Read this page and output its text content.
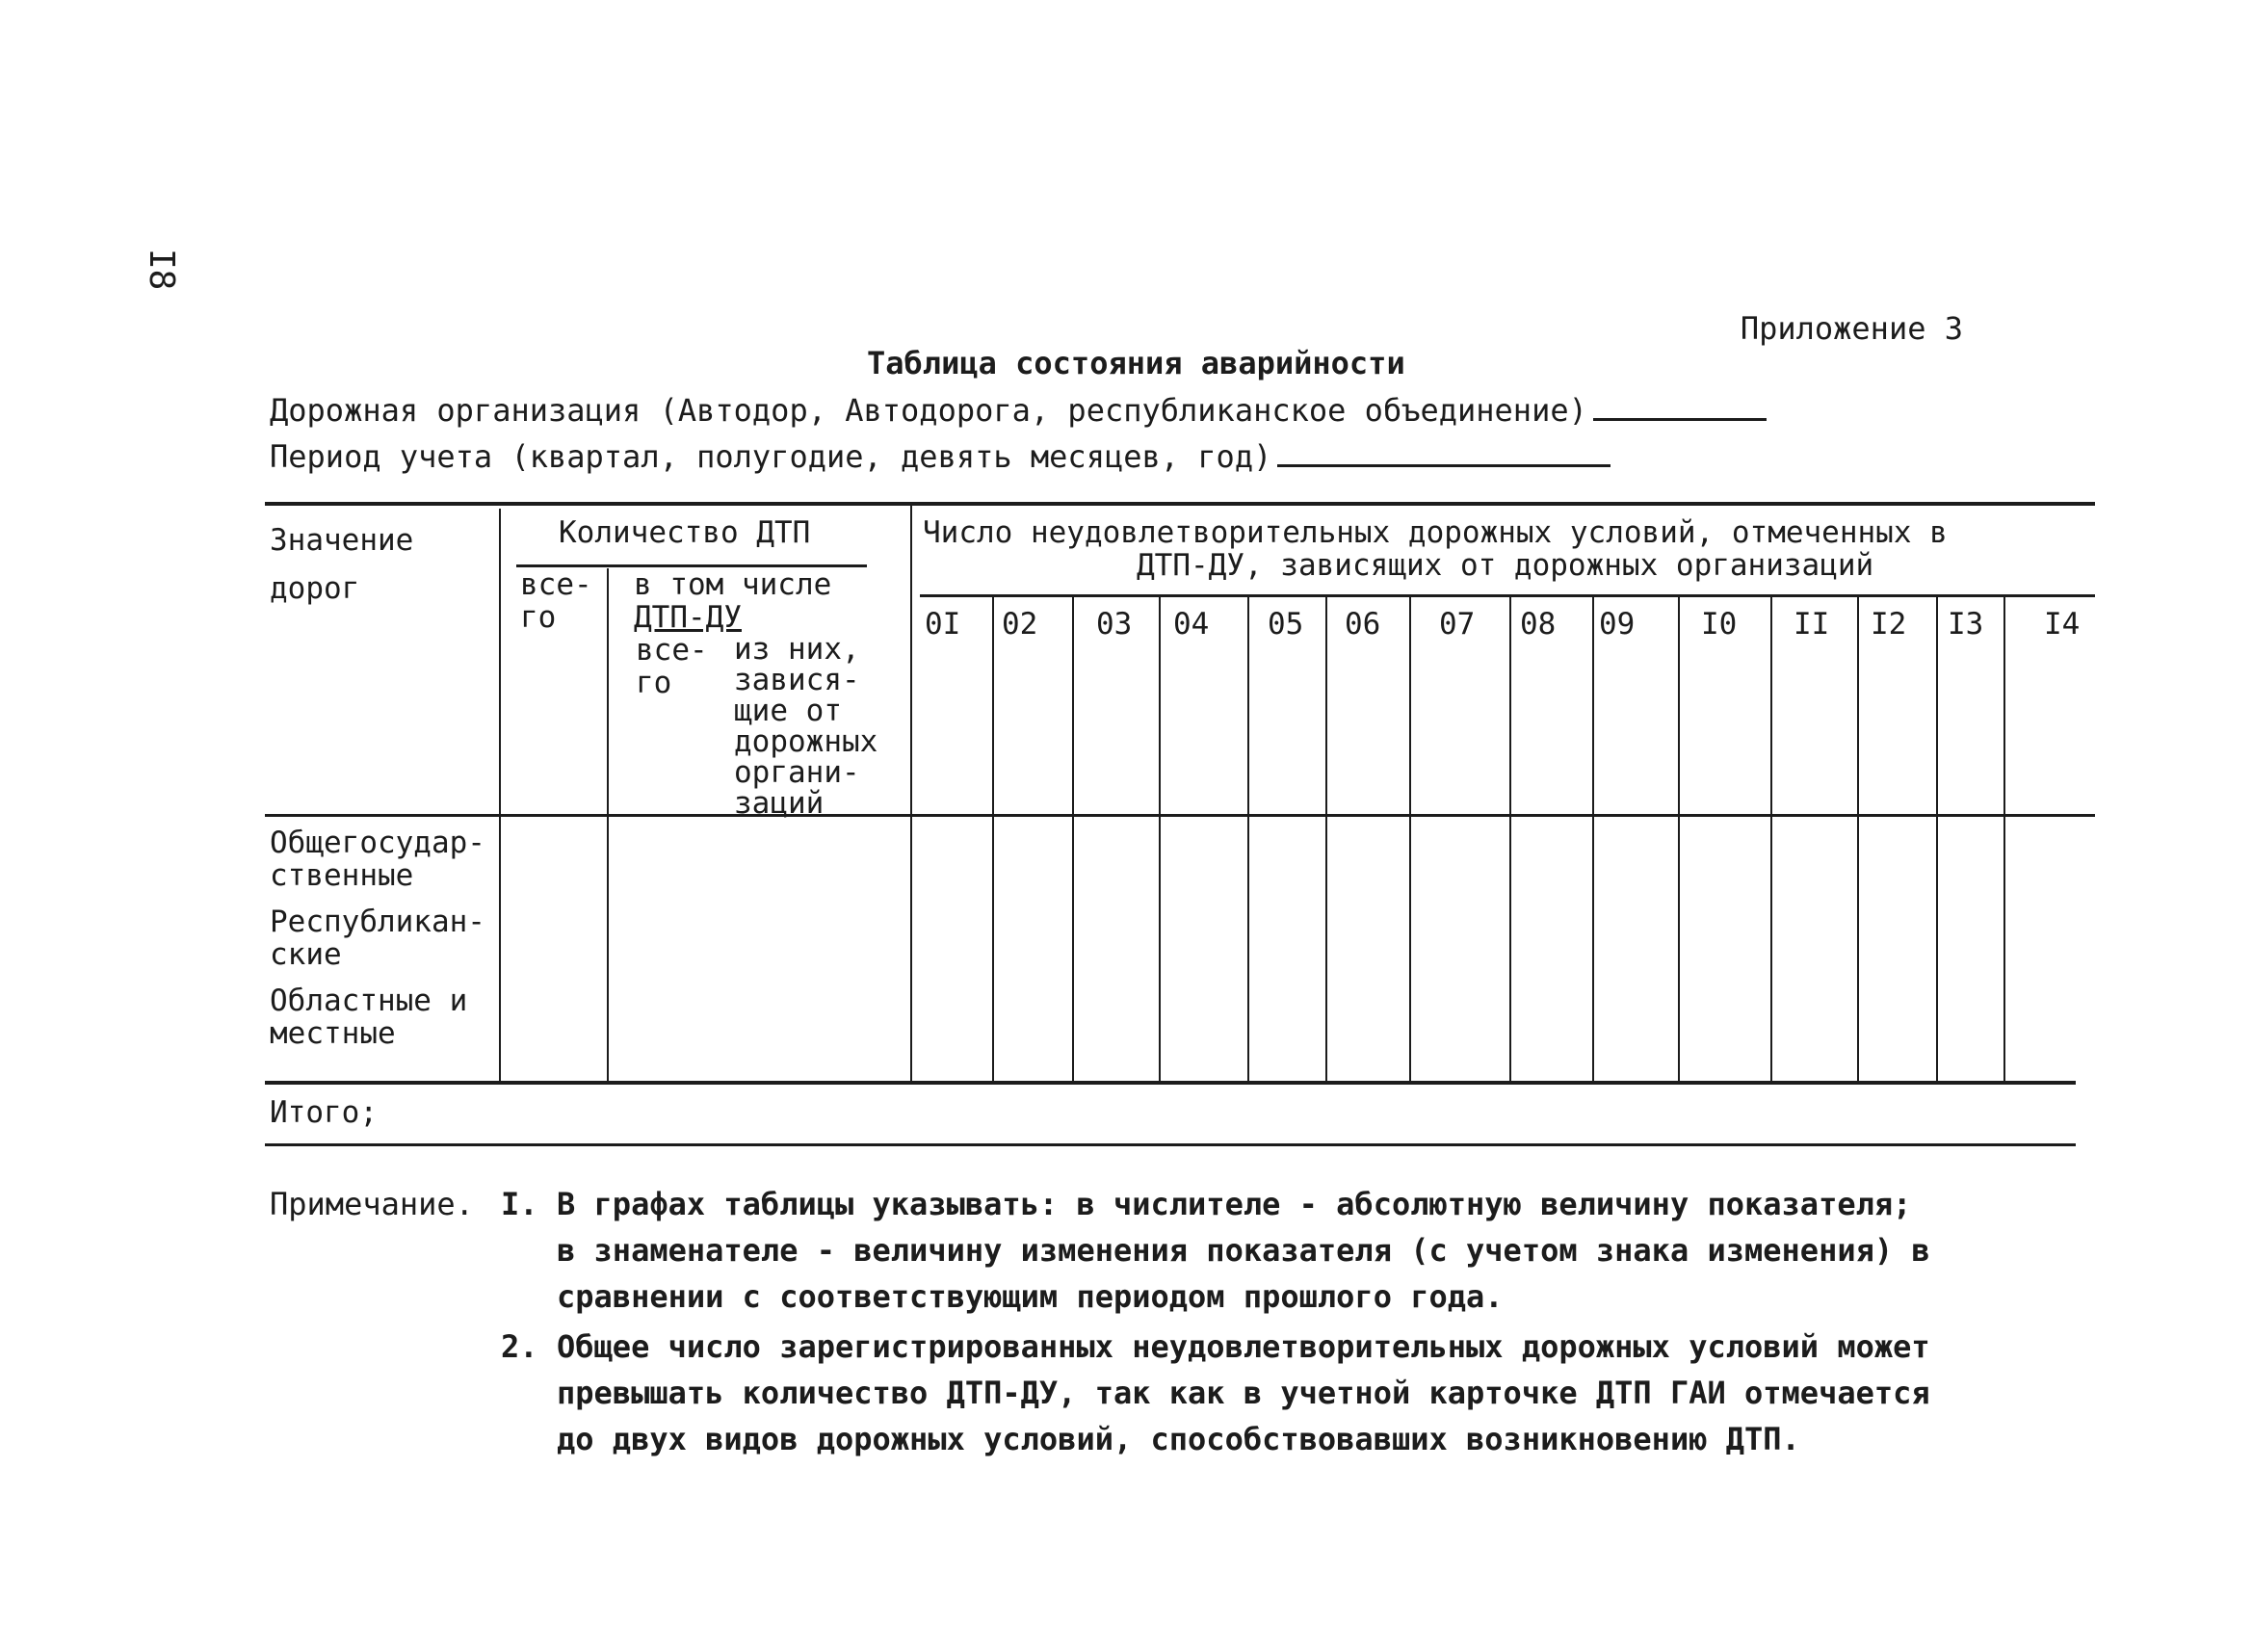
I8
Приложение 3
Таблица состояния аварийности
Дорожная организация (Автодор, Автодорога, республиканское объединение)
Период учета (квартал, полугодие, девять месяцев, год)
Значение
дорог
Количество ДТП
все-
го
в том числе
ДТП-ДУ
все-
го
из них,
завися-
щие от
дорожных
органи-
заций
Число неудовлетворительных дорожных условий, отмеченных в
ДТП-ДУ, зависящих от дорожных организаций
0I 02 03 04 05 06 07 08 09 I0 II I2 I3 I4
Общегосудар-
ственные
Республикан-
ские
Областные и
местные
Итого;
Примечание. I. В графах таблицы указывать: в числителе - абсолютную величину показателя;
в знаменателе - величину изменения показателя (с учетом знака изменения) в
сравнении с соответствующим периодом прошлого года.
2. Общее число зарегистрированных неудовлетворительных дорожных условий может
превышать количество ДТП-ДУ, так как в учетной карточке ДТП ГАИ отмечается
до двух видов дорожных условий, способствовавших возникновению ДТП.
